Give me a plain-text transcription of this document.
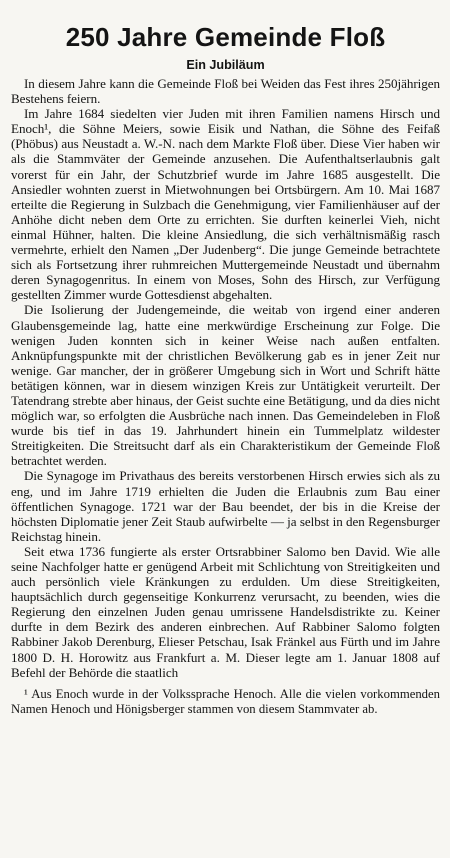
250 Jahre Gemeinde Floß
Ein Jubiläum

In diesem Jahre kann die Gemeinde Floß bei Weiden das Fest ihres 250jährigen Bestehens feiern.

Im Jahre 1684 siedelten vier Juden mit ihren Familien namens Hirsch und Enoch¹, die Söhne Meiers, sowie Eisik und Nathan, die Söhne des Feifaß (Phöbus) aus Neustadt a. W.-N. nach dem Markte Floß über. Diese Vier haben wir als die Stammväter der Gemeinde anzusehen. Die Aufenthaltserlaubnis galt vorerst für ein Jahr, der Schutzbrief wurde im Jahre 1685 ausgestellt. Die Ansiedler wohnten zuerst in Mietwohnungen bei Ortsbürgern. Am 10. Mai 1687 erteilte die Regierung in Sulzbach die Genehmigung, vier Familienhäuser auf der Anhöhe dicht neben dem Orte zu errichten. Sie durften keinerlei Vieh, nicht einmal Hühner, halten. Die kleine Ansiedlung, die sich verhältnismäßig rasch vermehrte, erhielt den Namen „Der Judenberg“. Die junge Gemeinde betrachtete sich als Fortsetzung ihrer ruhmreichen Muttergemeinde Neustadt und übernahm deren Synagogenritus. In einem von Moses, Sohn des Hirsch, zur Verfügung gestellten Zimmer wurde Gottesdienst abgehalten.

Die Isolierung der Judengemeinde, die weitab von irgend einer anderen Glaubensgemeinde lag, hatte eine merkwürdige Erscheinung zur Folge. Die wenigen Juden konnten sich in keiner Weise nach außen entfalten. Anknüpfungspunkte mit der christlichen Bevölkerung gab es in jener Zeit nur wenige. Gar mancher, der in größerer Umgebung sich in Wort und Schrift hätte betätigen können, war in diesem winzigen Kreis zur Untätigkeit verurteilt. Der Tatendrang strebte aber hinaus, der Geist suchte eine Betätigung, und da dies nicht möglich war, so erfolgten die Ausbrüche nach innen. Das Gemeindeleben in Floß wurde bis tief in das 19. Jahrhundert hinein ein Tummelplatz wildester Streitigkeiten. Die Streitsucht darf als ein Charakteristikum der Gemeinde Floß betrachtet werden.

Die Synagoge im Privathaus des bereits verstorbenen Hirsch erwies sich als zu eng, und im Jahre 1719 erhielten die Juden die Erlaubnis zum Bau einer öffentlichen Synagoge. 1721 war der Bau beendet, der bis in die Kreise der höchsten Diplomatie jener Zeit Staub aufwirbelte — ja selbst in den Regensburger Reichstag hinein.

Seit etwa 1736 fungierte als erster Ortsrabbiner Salomo ben David. Wie alle seine Nachfolger hatte er genügend Arbeit mit Schlichtung von Streitigkeiten und auch persönlich viele Kränkungen zu erdulden. Um diese Streitigkeiten, hauptsächlich durch gegenseitige Konkurrenz verursacht, zu beenden, wies die Regierung den einzelnen Juden genau umrissene Handelsdistrikte zu. Keiner durfte in dem Bezirk des anderen einbrechen. Auf Rabbiner Salomo folgten Rabbiner Jakob Derenburg, Elieser Petschau, Isak Fränkel aus Fürth und im Jahre 1800 D. H. Horowitz aus Frankfurt a. M. Dieser legte am 1. Januar 1808 auf Befehl der Behörde die staatlich

¹ Aus Enoch wurde in der Volkssprache Henoch. Alle die vielen vorkommenden Namen Henoch und Hönigsberger stammen von diesem Stammvater ab.
